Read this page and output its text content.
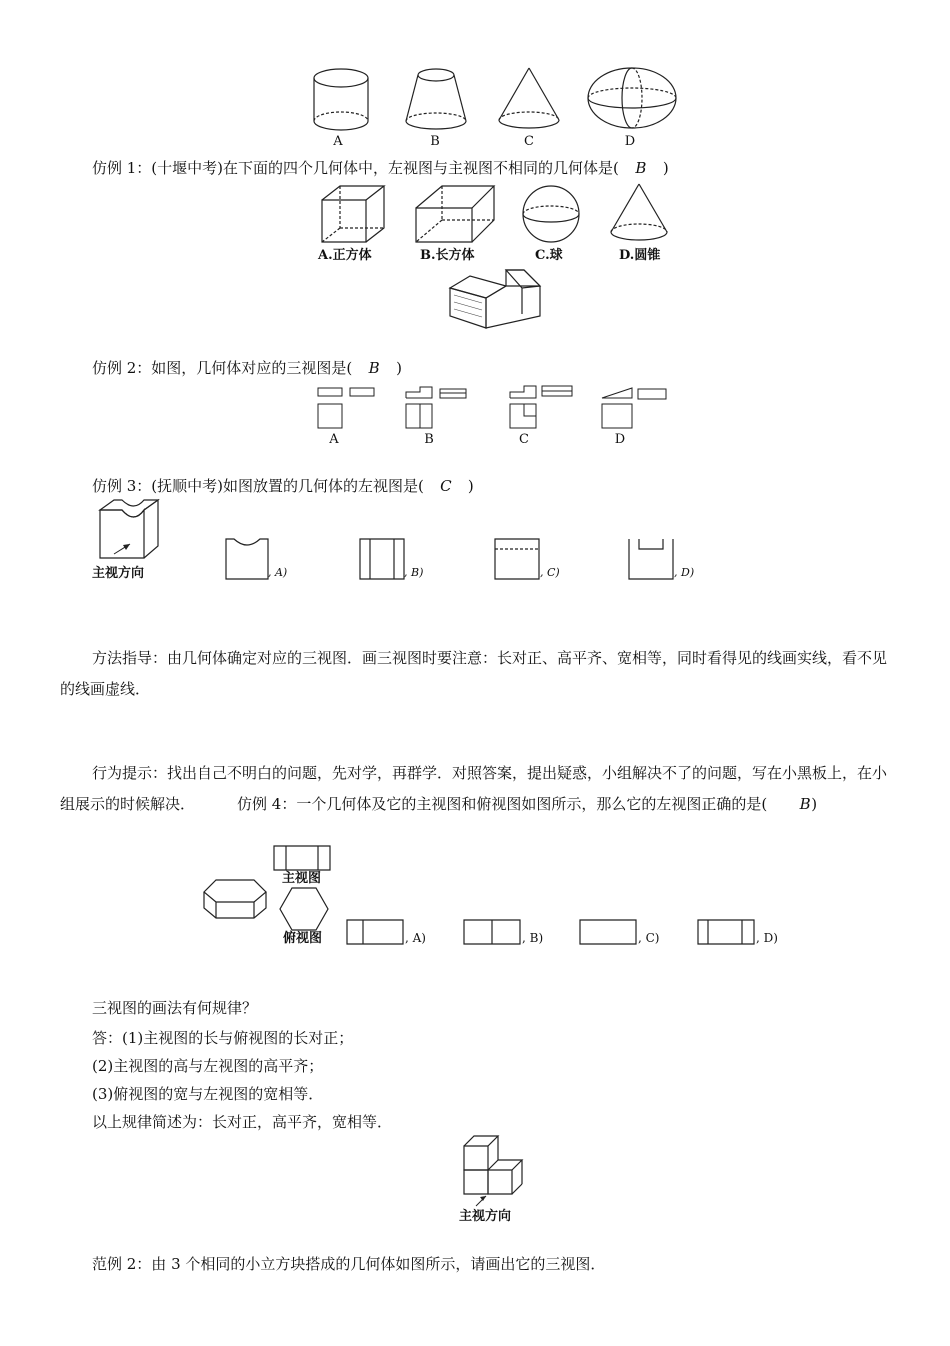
A	B	C	D
仿例 1：(十堰中考)在下面的四个几何体中，左视图与主视图不相同的几何体是( B )
A.正方体	B.长方体	C.球	D.圆锥
仿例 2：如图，几何体对应的三视图是( B )
A	B	C	D
仿例 3：(抚顺中考)如图放置的几何体的左视图是( C )
主视方向	, A)	, B)	, C)	, D)
方法指导：由几何体确定对应的三视图．画三视图时要注意：长对正、高平齐、宽相等，同时看得见的线画实线，看不见的线画虚线．
行为提示：找出自己不明白的问题，先对学，再群学．对照答案，提出疑惑，小组解决不了的问题，写在小黑板上，在小组展示的时候解决．	仿例 4：一个几何体及它的主视图和俯视图如图所示，那么它的左视图正确的是( B)
主视图
俯视图	, A)	, B)	, C)	, D)
三视图的画法有何规律？
答：(1)主视图的长与俯视图的长对正；
(2)主视图的高与左视图的高平齐；
(3)俯视图的宽与左视图的宽相等．
以上规律简述为：长对正，高平齐，宽相等．
主视方向
范例 2：由 3 个相同的小立方块搭成的几何体如图所示，请画出它的三视图．
